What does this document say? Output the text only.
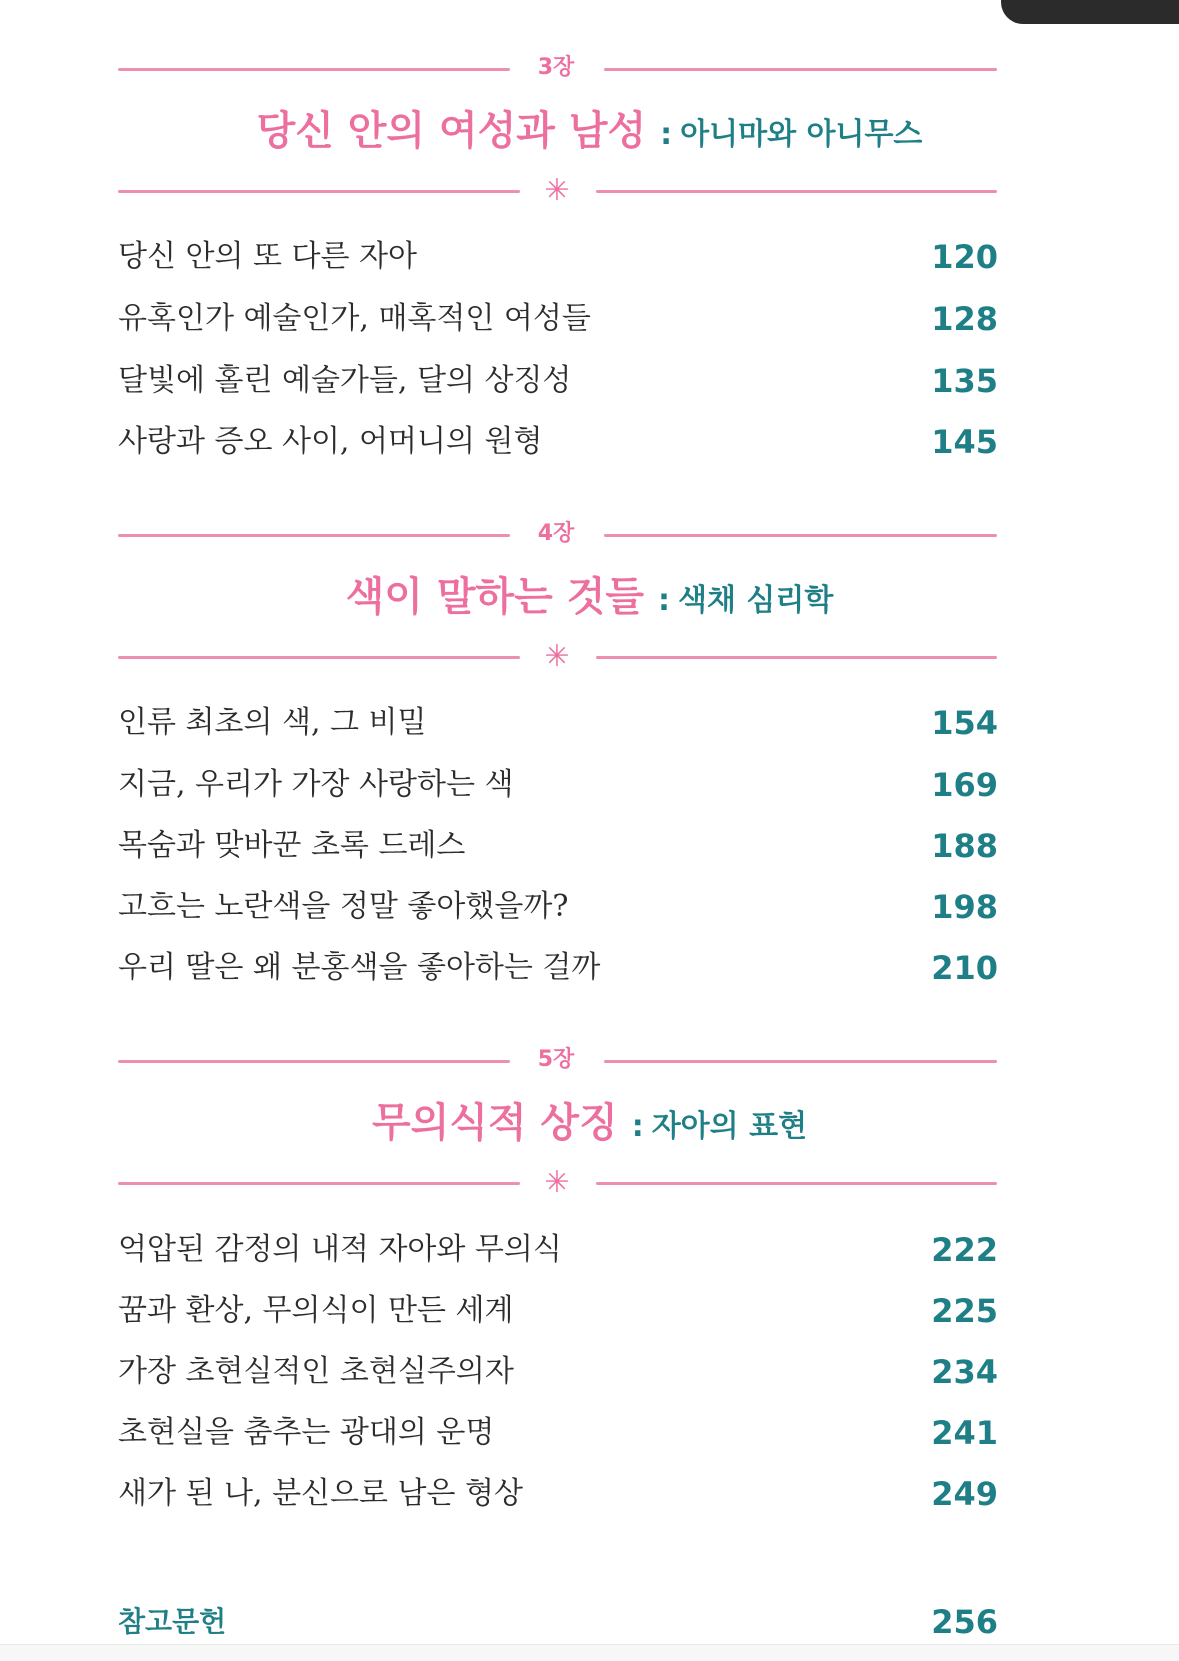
3장
당신 안의 여성과 남성 : 아니마와 아니무스
✳
당신 안의 또 다른 자아	120
유혹인가 예술인가, 매혹적인 여성들	128
달빛에 홀린 예술가들, 달의 상징성	135
사랑과 증오 사이, 어머니의 원형	145
4장
색이 말하는 것들 : 색채 심리학
✳
인류 최초의 색, 그 비밀	154
지금, 우리가 가장 사랑하는 색	169
목숨과 맞바꾼 초록 드레스	188
고흐는 노란색을 정말 좋아했을까?	198
우리 딸은 왜 분홍색을 좋아하는 걸까	210
5장
무의식적 상징 : 자아의 표현
✳
억압된 감정의 내적 자아와 무의식	222
꿈과 환상, 무의식이 만든 세계	225
가장 초현실적인 초현실주의자	234
초현실을 춤추는 광대의 운명	241
새가 된 나, 분신으로 남은 형상	249
참고문헌	256
